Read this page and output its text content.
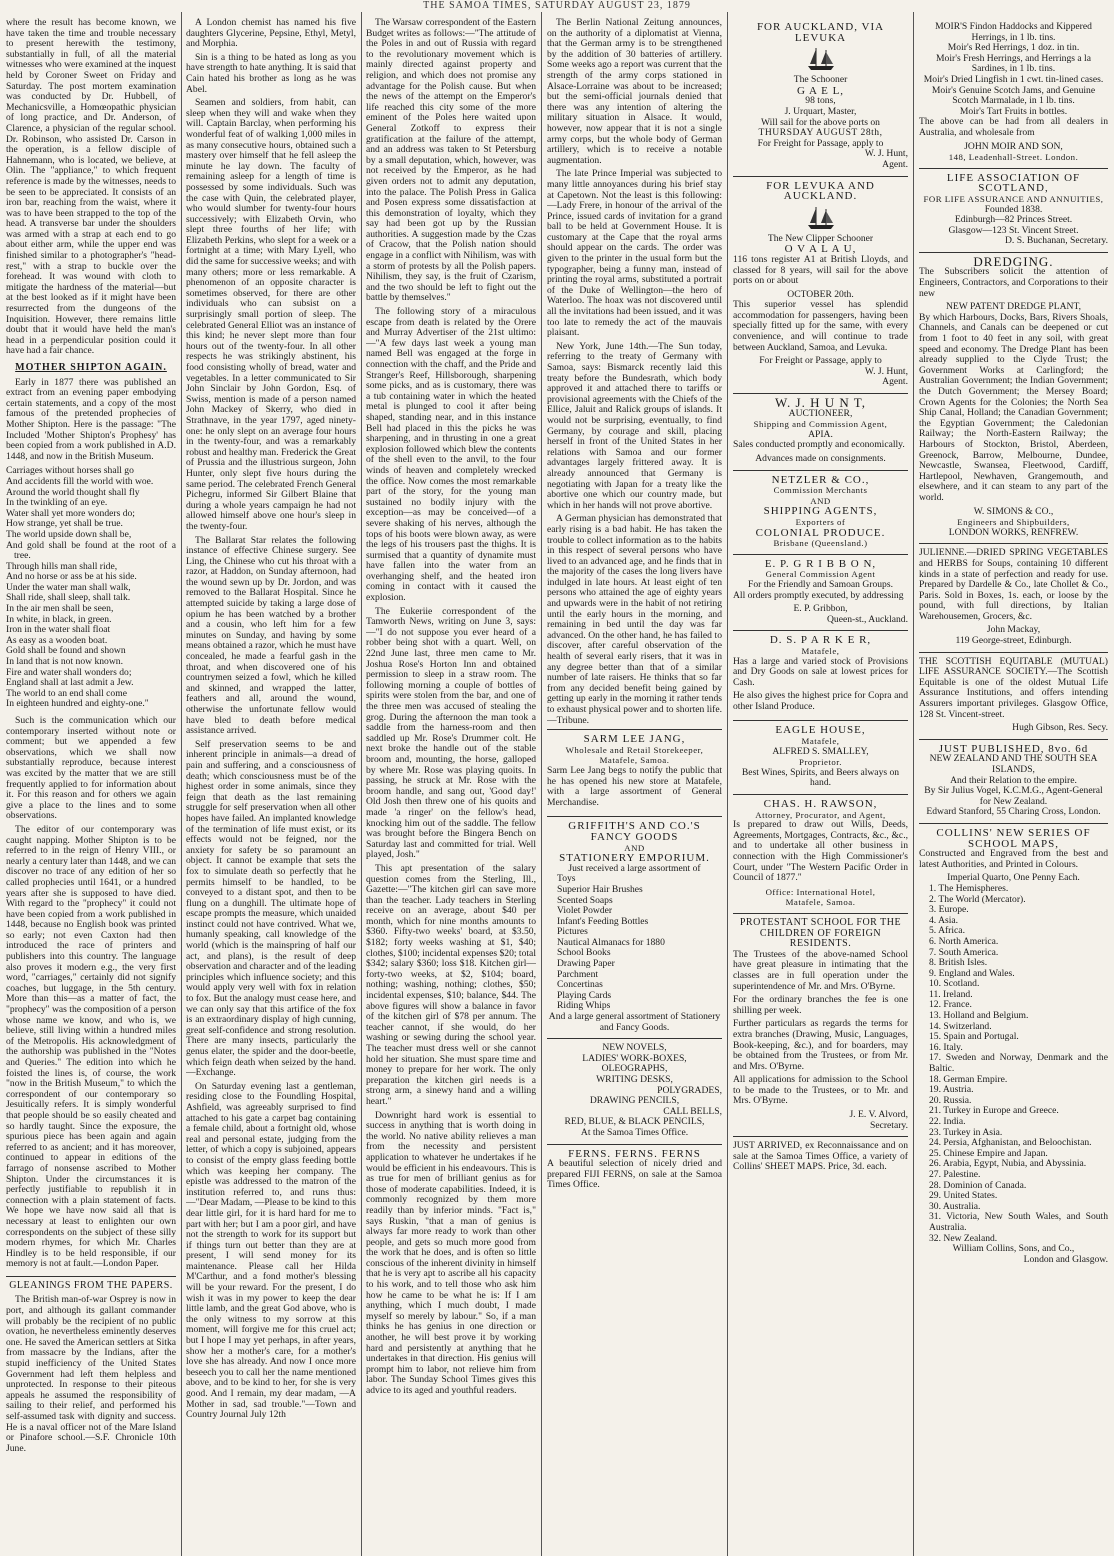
THE SAMOA TIMES, SATURDAY AUGUST 23, 1879

where the result has become known, we have taken the time and trouble necessary to present herewith the testimony, substantially in full, of all the material witnesses who were examined at the inquest held by Coroner Sweet on Friday and Saturday. The post mortem examination was conducted by Dr. Hubbell, of Mechanicsville, a Homœopathic physician of long practice, and Dr. Anderson, of Clarence, a physician of the regular school. Dr. Robinson, who assisted Dr. Carson in the operation, is a fellow disciple of Hahnemann, who is located, we believe, at Olin. The "appliance," to which frequent reference is made by the witnesses, needs to be seen to be appreciated. It consists of an iron bar, reaching from the waist, where it was to have been strapped to the top of the head. A transverse bar under the shoulders was armed with a strap at each end to go about either arm, while the upper end was finished similar to a photographer's "head-rest," with a strap to buckle over the forehead. It was wound with cloth to mitigate the hardness of the material—but at the best looked as if it might have been resurrected from the dungeons of the Inquisition. However, there remains little doubt that it would have held the man's head in a perpendicular position could it have had a fair chance.

MOTHER SHIPTON AGAIN.

Early in 1877 there was published an extract from an evening paper embodying certain statements, and a copy of the most famous of the pretended prophecies of Mother Shipton. Here is the passage: "The Included 'Mother Shipton's Prophesy' has been copied from a work published in A.D. 1448, and now in the British Museum.

Carriages without horses shall go
And accidents fill the world with woe.
Around the world thought shall fly
In the twinkling of an eye.
Water shall yet more wonders do;
How strange, yet shall be true.
The world upside down shall be,
And gold shall be found at the root of a tree.
Through hills man shall ride,
And no horse or ass be at his side.
Under the water man shall walk,
Shall ride, shall sleep, shall talk.
In the air men shall be seen,
In white, in black, in green.
Iron in the water shall float
As easy as a wooden boat.
Gold shall be found and shown
In land that is not now known.
Fire and water shall wonders do;
England shall at last admit a Jew.
The world to an end shall come
In eighteen hundred and eighty-one."

Such is the communication which our contemporary inserted without note or comment; but we appended a few observations, which we shall now substantially reproduce, because interest was excited by the matter that we are still frequently applied to for information about it. For this reason and for others we again give a place to the lines and to some observations.

The editor of our contemporary was caught napping. Mother Shipton is to be referred to in the reign of Henry VIII., or nearly a century later than 1448, and we can discover no trace of any edition of her so called prophecies until 1641, or a hundred years after she is supposed to have died. With regard to the "prophecy" it could not have been copied from a work published in 1448, because no English book was printed so early; not even Caxton had then introduced the race of printers and publishers into this country. The language also proves it modern e.g., the very first word, "carriages," certainly did not signify coaches, but luggage, in the 5th century. More than this—as a matter of fact, the "prophecy" was the composition of a person whose name we know, and who is, we believe, still living within a hundred miles of the Metropolis. His acknowledgment of the authorship was published in the "Notes and Queries." The edition into which he foisted the lines is, of course, the work "now in the British Museum," to which the correspondent of our contemporary so Jesuitically refers. It is simply wonderful that people should be so easily cheated and so hardly taught. Since the exposure, the spurious piece has been again and again referred to as ancient; and it has moreover, continued to appear in editions of the farrago of nonsense ascribed to Mother Shipton. Under the circumstances it is perfectly justifiable to republish it in connection with a plain statement of facts. We hope we have now said all that is necessary at least to enlighten our own correspondents on the subject of these silly modern rhymes, for which Mr. Charles Hindley is to be held responsible, if our memory is not at fault.—London Paper.

GLEANINGS FROM THE PAPERS.

The British man-of-war Osprey is now in port, and although its gallant commander will probably be the recipient of no public ovation, he nevertheless eminently deserves one. He saved the American settlers at Sitka from massacre by the Indians, after the stupid inefficiency of the United States Government had left them helpless and unprotected. In response to their piteous appeals he assumed the responsibility of sailing to their relief, and performed his self-assumed task with dignity and success. He is a naval officer not of the Mare Island or Pinafore school.—S.F. Chronicle 10th June.

A London chemist has named his five daughters Glycerine, Pepsine, Ethyl, Metyl, and Morphia.

Sin is a thing to be hated as long as you have strength to hate anything. It is said that Cain hated his brother as long as he was Abel.

Seamen and soldiers, from habit, can sleep when they will and wake when they will. Captain Barclay, when performing his wonderful feat of of walking 1,000 miles in as many consecutive hours, obtained such a mastery over himself that he fell asleep the minute he lay down. The faculty of remaining asleep for a length of time is possessed by some individuals. Such was the case with Quin, the celebrated player, who would slumber for twenty-four hours successively; with Elizabeth Orvin, who slept three fourths of her life; with Elizabeth Perkins, who slept for a week or a fortnight at a time; with Mary Lyell, who did the same for successive weeks; and with many others; more or less remarkable. A phenomenon of an opposite character is sometimes observed, for there are other individuals who can subsist on a surprisingly small portion of sleep. The celebrated General Elliot was an instance of this kind; he never slept more than four hours out of the twenty-four. In all other respects he was strikingly abstinent, his food consisting wholly of bread, water and vegetables. In a letter communicated to Sir John Sinclair by John Gordon, Esq. of Swiss, mention is made of a person named John Mackey of Skerry, who died in Strathnave, in the year 1797, aged ninety-one: he only slept on an average four hours in the twenty-four, and was a remarkably robust and healthy man. Frederick the Great of Prussia and the illustrious surgeon, John Hunter, only slept five hours during the same period. The celebrated French General Pichegru, informed Sir Gilbert Blaine that during a whole years campaign he had not allowed himself above one hour's sleep in the twenty-four.

The Ballarat Star relates the following instance of effective Chinese surgery. See Ling, the Chinese who cut his throat with a razor, at Haddon, on Sunday afternoon, had the wound sewn up by Dr. Jordon, and was removed to the Ballarat Hospital. Since he attempted suicide by taking a large dose of opium he has been watched by a brother and a cousin, who left him for a few minutes on Sunday, and having by some means obtained a razor, which he must have concealed, he made a fearful gash in the throat, and when discovered one of his countrymen seized a fowl, which he killed and skinned, and wrapped the latter, feathers and all, around the wound, otherwise the unfortunate fellow would have bled to death before medical assistance arrived.

Self preservation seems to be and inherent principle in animals—a dread of pain and suffering, and a consciousness of death; which consciousness must be of the highest order in some animals, since they feign that death as the last remaining struggle for self preservation when all other hopes have failed. An implanted knowledge of the termination of life must exist, or its effects would not be feigned, nor the anxiety for safety be so paramount an object. It cannot be example that sets the fox to simulate death so perfectly that he permits himself to be handled, to be conveyed to a distant spot, and then to be flung on a dunghill. The ultimate hope of escape prompts the measure, which unaided instinct could not have contrived. What we, humanly speaking, call knowledge of the world (which is the mainspring of half our act, and plans), is the result of deep observation and character and of the leading principles which influence society; and this would apply very well with fox in relation to fox. But the analogy must cease here, and we can only say that this artifice of the fox is an extraordinary display of high cunning, great self-confidence and strong resolution. There are many insects, particularly the genus elater, the spider and the door-beetle, which feign death when seized by the hand.—Exchange.

On Saturday evening last a gentleman, residing close to the Foundling Hospital, Ashfield, was agreeably surprised to find attached to his gate a carpet bag containing a female child, about a fortnight old, whose real and personal estate, judging from the letter, of which a copy is subjoined, appears to consist of the empty glass feeding bottle which was keeping her company. The epistle was addressed to the matron of the institution referred to, and runs thus:—"Dear Madam, —Please to be kind to this dear little girl, for it is hard hard for me to part with her; but I am a poor girl, and have not the strength to work for its support but if things turn out better than they are at present, I will send money for its maintenance. Please call her Hilda M'Carthur, and a fond mother's blessing will be your reward. For the present, I do wish it was in my power to keep the dear little lamb, and the great God above, who is the only witness to my sorrow at this moment, will forgive me for this cruel act; but I hope I may yet perhaps, in after years, show her a mother's care, for a mother's love she has already. And now I once more beseech you to call her the name mentioned above, and to be kind to her, for she is very good. And I remain, my dear madam, —A Mother in sad, sad trouble."—Town and Country Journal July 12th

The Warsaw correspondent of the Eastern Budget writes as follows:—"The attitude of the Poles in and out of Russia with regard to the revolutionary movement which is mainly directed against property and religion, and which does not promise any advantage for the Polish cause. But when the news of the attempt on the Emperor's life reached this city some of the more eminent of the Poles here waited upon General Zotkoff to express their gratification at the failure of the attempt, and an address was taken to St Petersburg by a small deputation, which, however, was not received by the Emperor, as he had given orders not to admit any deputation, into the palace. The Polish Press in Galica and Posen express some dissatisfaction at this demonstration of loyalty, which they say had been got up by the Russian authorities. A suggestion made by the Czas of Cracow, that the Polish nation should engage in a conflict with Nihilism, was with a storm of protests by all the Polish papers. Nihilism, they say, is the fruit of Czarism, and the two should be left to fight out the battle by themselves."

The following story of a miraculous escape from death is related by the Orere and Murray Advertiser of the 21st ultimo:—"A few days last week a young man named Bell was engaged at the forge in connection with the chaff, and the Pride and Stranger's Reef, Hillsborough, sharpening some picks, and as is customary, there was a tub containing water in which the heated metal is plunged to cool it after being shaped, standing near, and in this instance Bell had placed in this the picks he was sharpening, and in thrusting in one a great explosion followed which blew the contents of the shell even to the anvil, to the four winds of heaven and completely wrecked the office. Now comes the most remarkable part of the story, for the young man sustained no bodily injury with the exception—as may be conceived—of a severe shaking of his nerves, although the tops of his boots were blown away, as were the legs of his trousers past the thighs. It is surmised that a quantity of dynamite must have fallen into the water from an overhanging shelf, and the heated iron coming in contact with it caused the explosion.

The Eukeriie correspondent of the Tamworth News, writing on June 3, says:—"I do not suppose you ever heard of a robber being shot with a quart. Well, on 22nd June last, three men came to Mr. Joshua Rose's Horton Inn and obtained permission to sleep in a straw room. The following morning a couple of bottles of spirits were stolen from the bar, and one of the three men was accused of stealing the grog. During the afternoon the man took a saddle from the harness-room and then saddled up Mr. Rose's Drummer colt. He next broke the handle out of the stable broom and, mounting, the horse, galloped by where Mr. Rose was playing quoits. In passing, he struck at Mr. Rose with the broom handle, and sang out, 'Good day!' Old Josh then threw one of his quoits and made 'a ringer' on the fellow's head, knocking him out of the saddle. The fellow was brought before the Bingera Bench on Saturday last and committed for trial. Well played, Josh."

This apt presentation of the salary question comes from the Sterling, Ill., Gazette:—"The kitchen girl can save more than the teacher. Lady teachers in Sterling receive on an average, about $40 per month, which for nine months amounts to $360. Fifty-two weeks' board, at $3.50, $182; forty weeks washing at $1, $40; clothes, $100; incidental expenses $20; total $342; salary $360; loss $18. Kitchen girl—forty-two weeks, at $2, $104; board, nothing; washing, nothing; clothes, $50; incidental expenses, $10; balance, $44. The above figures will show a balance in favor of the kitchen girl of $78 per annum. The teacher cannot, if she would, do her washing or sewing during the school year. The teacher must dress well or she cannot hold her situation. She must spare time and money to prepare for her work. The only preparation the kitchen girl needs is a strong arm, a sinewy hand and a willing heart."

Downright hard work is essential to success in anything that is worth doing in the world. No native ability relieves a man from the necessity and persistent application to whatever he undertakes if he would be efficient in his endeavours. This is as true for men of brilliant genius as for those of moderate capabilities. Indeed, it is commonly recognized by them more readily than by inferior minds. "Fact is," says Ruskin, "that a man of genius is always far more ready to work than other people, and gets so much more good from the work that he does, and is often so little conscious of the inherent divinity in himself that he is very apt to ascribe all his capacity to his work, and to tell those who ask him how he came to be what he is: If I am anything, which I much doubt, I made myself so merely by labour." So, if a man thinks he has genius in one direction or another, he will best prove it by working hard and persistently at anything that he undertakes in that direction. His genius will prompt him to labor, not relieve him from labor. The Sunday School Times gives this advice to its aged and youthful readers.

The Berlin National Zeitung announces, on the authority of a diplomatist at Vienna, that the German army is to be strengthened by the addition of 30 batteries of artillery. Some weeks ago a report was current that the strength of the army corps stationed in Alsace-Lorraine was about to be increased; but the semi-official journals denied that there was any intention of altering the military situation in Alsace. It would, however, now appear that it is not a single army corps, but the whole body of German artillery, which is to receive a notable augmentation.

The late Prince Imperial was subjected to many little annoyances during his brief stay at Capetown. Not the least is this following:—Lady Frere, in honour of the arrival of the Prince, issued cards of invitation for a grand ball to be held at Government House. It is customary at the Cape that the royal arms should appear on the cards. The order was given to the printer in the usual form but the typographer, being a funny man, instead of printing the royal arms, substituted a portrait of the Duke of Wellington—the hero of Waterloo. The hoax was not discovered until all the invitations had been issued, and it was too late to remedy the act of the mauvais plaisant.

New York, June 14th.—The Sun today, referring to the treaty of Germany with Samoa, says: Bismarck recently laid this treaty before the Bundesrath, which body approved it and attached there to tariffs or provisional agreements with the Chiefs of the Ellice, Jaluit and Ralick groups of islands. It would not be surprising, eventually, to find Germany, by courage and skill, placing herself in front of the United States in her relations with Samoa and our former advantages largely frittered away. It is already announced that Germany is negotiating with Japan for a treaty like the abortive one which our country made, but which in her hands will not prove abortive.

A German physician has demonstrated that early rising is a bad habit. He has taken the trouble to collect information as to the habits in this respect of several persons who have lived to an advanced age, and he finds that in the majority of the cases the long livers have indulged in late hours. At least eight of ten persons who attained the age of eighty years and upwards were in the habit of not retiring until the early hours in the morning, and remaining in bed until the day was far advanced. On the other hand, he has failed to discover, after careful observation of the health of several early risers, that it was in any degree better than that of a similar number of late raisers. He thinks that so far from any decided benefit being gained by getting up early in the morning it rather tends to exhaust physical power and to shorten life.—Tribune.

SARM LEE JANG,
Wholesale and Retail Storekeeper,
Matafele, Samoa.

Sarm Lee Jang begs to notify the public that he has opened his new store at Matafele, with a large assortment of General Merchandise.

GRIFFITH'S AND CO.'S FANCY GOODS
AND
STATIONERY EMPORIUM.
Just received a large assortment of
Toys
Superior Hair Brushes
Scented Soaps
Violet Powder
Infant's Feeding Bottles
Pictures
Nautical Almanacs for 1880
School Books
Drawing Paper
Parchment
Concertinas
Playing Cards
Riding Whips
And a large general assortment of Stationery and Fancy Goods.
NEW NOVELS,
LADIES' WORK-BOXES,
OLEOGRAPHS,
WRITING DESKS,
POLYGRADES,
DRAWING PENCILS,
CALL BELLS,
RED, BLUE, & BLACK PENCILS,
At the Samoa Times Office.
FERNS. FERNS. FERNS

A beautiful selection of nicely dried and prepared FIJI FERNS, on sale at the Samoa Times Office.

FOR AUCKLAND, VIA LEVUKA
The Schooner
G A E L,
98 tons,
J. Urquart, Master,
Will sail for the above ports on
THURSDAY AUGUST 28th,
For Freight for Passage, apply to
W. J. Hunt,
Agent.
FOR LEVUKA AND AUCKLAND.
The New Clipper Schooner
O V A L A U,

116 tons register A1 at British Lloyds, and classed for 8 years, will sail for the above ports on or about

OCTOBER 20th.

This superior vessel has splendid accommodation for passengers, having been specially fitted up for the same, with every convenience, and will continue to trade between Auckland, Samoa, and Levuka.

For Freight or Passage, apply to
W. J. Hunt,
Agent.
W. J. H U N T,
AUCTIONEER,
Shipping and Commission Agent,
APIA.

Sales conducted promptly and economically.

Advances made on consignments.
NETZLER & CO.,
Commission Merchants
AND
SHIPPING AGENTS,
Exporters of
COLONIAL PRODUCE.
Brisbane (Queensland.)
E. P. G R I B B O N,
General Commission Agent
For the Friendly and Samoan Groups.

All orders promptly executed, by addressing

E. P. Gribbon,
Queen-st., Auckland.
D. S. P A R K E R,
Matafele,

Has a large and varied stock of Provisions and Dry Goods on sale at lowest prices for Cash.

He also gives the highest price for Copra and other Island Produce.

EAGLE HOUSE,
Matafele,
ALFRED S. SMALLEY,
Proprietor.
Best Wines, Spirits, and Beers always on hand.
CHAS. H. RAWSON,
Attorney, Procurator, and Agent,

Is prepared to draw out Wills, Deeds, Agreements, Mortgages, Contracts, &c., &c., and to undertake all other business in connection with the High Commissioner's Court, under "The Western Pacific Order in Council of 1877."

Office: International Hotel,
Matafele, Samoa.
PROTESTANT SCHOOL FOR THE CHILDREN OF FOREIGN RESIDENTS.

The Trustees of the above-named School have great pleasure in intimating that the classes are in full operation under the superintendence of Mr. and Mrs. O'Byrne.

For the ordinary branches the fee is one shilling per week.

Further particulars as regards the terms for extra branches (Drawing, Music, Languages, Book-keeping, &c.), and for boarders, may be obtained from the Trustees, or from Mr. and Mrs. O'Byrne.

All applications for admission to the School to be made to the Trustees, or to Mr. and Mrs. O'Byrne.

J. E. V. Alvord,
Secretary.

JUST ARRIVED, ex Reconnaissance and on sale at the Samoa Times Office, a variety of Collins' SHEET MAPS. Price, 3d. each.

MOIR'S Findon Haddocks and Kippered Herrings, in 1 lb. tins.
Moir's Red Herrings, 1 doz. in tin.
Moir's Fresh Herrings, and Herrings a la Sardines, in 1 lb. tins.
Moir's Dried Lingfish in 1 cwt. tin-lined cases.
Moir's Genuine Scotch Jams, and Genuine Scotch Marmalade, in 1 lb. tins.
Moir's Tart Fruits in bottles.

The above can be had from all dealers in Australia, and wholesale from

JOHN MOIR AND SON,
148, Leadenhall-Street. London.
LIFE ASSOCIATION OF SCOTLAND,
FOR LIFE ASSURANCE AND ANNUITIES,
Founded 1838.
Edinburgh—82 Princes Street.
Glasgow—123 St. Vincent Street.
D. S. Buchanan, Secretary.
DREDGING.

The Subscribers solicit the attention of Engineers, Contractors, and Corporations to their new

NEW PATENT DREDGE PLANT,

By which Harbours, Docks, Bars, Rivers Shoals, Channels, and Canals can be deepened or cut from 1 foot to 40 feet in any soil, with great speed and economy. The Dredge Plant has been already supplied to the Clyde Trust; the Government Works at Carlingford; the Australian Government; the Indian Government; the Dutch Government; the Mersey Board; Crown Agents for the Colonies; the North Sea Ship Canal, Holland; the Canadian Government; the Egyptian Government; the Caledonian Railway; the North-Eastern Railway; the Harbours of Stockton, Bristol, Aberdeen, Greenock, Barrow, Melbourne, Dundee, Newcastle, Swansea, Fleetwood, Cardiff, Hartlepool, Newhaven, Grangemouth, and elsewhere, and it can steam to any part of the world.

W. SIMONS & CO.,
Engineers and Shipbuilders,
LONDON WORKS, RENFREW.

JULIENNE.—DRIED SPRING VEGETABLES and HERBS for Soups, containing 10 different kinds in a state of perfection and ready for use. Prepared by Dardelle & Co., late Chollet & Co., Paris. Sold in Boxes, 1s. each, or loose by the pound, with full directions, by Italian Warehousemen, Grocers, &c.

John Mackay,
119 George-street, Edinburgh.

THE SCOTTISH EQUITABLE (MUTUAL) LIFE ASSURANCE SOCIETY.—The Scottish Equitable is one of the oldest Mutual Life Assurance Institutions, and offers intending Assurers important privileges. Glasgow Office, 128 St. Vincent-street.

Hugh Gibson, Res. Secy.
JUST PUBLISHED, 8vo. 6d
NEW ZEALAND AND THE SOUTH SEA ISLANDS,
And their Relation to the empire.
By Sir Julius Vogel, K.C.M.G., Agent-General for New Zealand.
Edward Stanford, 55 Charing Cross, London.
COLLINS' NEW SERIES OF SCHOOL MAPS,

Constructed and Engraved from the best and latest Authorities, and Printed in Colours.

Imperial Quarto, One Penny Each.
1. The Hemispheres.
2. The World (Mercator).
3. Europe.
4. Asia.
5. Africa.
6. North America.
7. South America.
8. British Isles.
9. England and Wales.
10. Scotland.
11. Ireland.
12. France.
13. Holland and Belgium.
14. Switzerland.
15. Spain and Portugal.
16. Italy.
17. Sweden and Norway, Denmark and the Baltic.
18. German Empire.
19. Austria.
20. Russia.
21. Turkey in Europe and Greece.
22. India.
23. Turkey in Asia.
24. Persia, Afghanistan, and Beloochistan.
25. Chinese Empire and Japan.
26. Arabia, Egypt, Nubia, and Abyssinia.
27. Palestine.
28. Dominion of Canada.
29. United States.
30. Australia.
31. Victoria, New South Wales, and South Australia.
32. New Zealand.
William Collins, Sons, and Co.,
London and Glasgow.
